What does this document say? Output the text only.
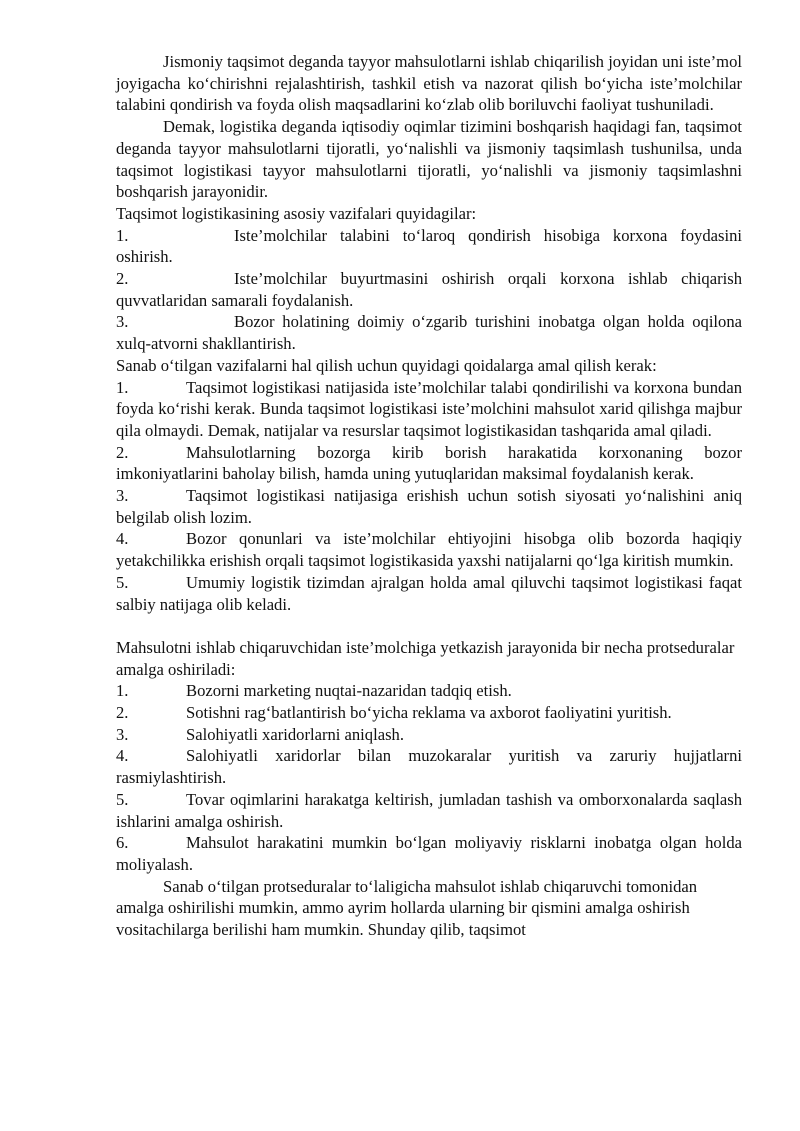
Jismoniy taqsimot deganda tayyor mahsulotlarni ishlab chiqarilish joyidan uni iste’mol joyigacha ko‘chirishni rejalashtirish, tashkil etish va nazorat qilish bo‘yicha iste’molchilar talabini qondirish va foyda olish maqsadlarini ko‘zlab olib boriluvchi faoliyat tushuniladi.

Demak, logistika deganda iqtisodiy oqimlar tizimini boshqarish haqidagi fan, taqsimot deganda tayyor mahsulotlarni tijoratli, yo‘nalishli va jismoniy taqsimlash tushunilsa, unda taqsimot logistikasi tayyor mahsulotlarni tijoratli, yo‘nalishli va jismoniy taqsimlashni boshqarish jarayonidir.

Taqsimot logistikasining asosiy vazifalari quyidagilar:

1.	Iste’molchilar talabini to‘laroq qondirish hisobiga korxona foydasini oshirish.

2.	Iste’molchilar buyurtmasini oshirish orqali korxona ishlab chiqarish quvvatlaridan samarali foydalanish.

3.	Bozor holatining doimiy o‘zgarib turishini inobatga olgan holda oqilona xulq-atvorni shakllantirish.

Sanab o‘tilgan vazifalarni hal qilish uchun quyidagi qoidalarga amal qilish kerak:

1.	Taqsimot logistikasi natijasida iste’molchilar talabi qondirilishi va korxona bundan foyda ko‘rishi kerak. Bunda taqsimot logistikasi iste’molchini mahsulot xarid qilishga majbur qila olmaydi. Demak, natijalar va resurslar taqsimot logistikasidan tashqarida amal qiladi.

2.	Mahsulotlarning bozorga kirib borish harakatida korxonaning bozor imkoniyatlarini baholay bilish, hamda uning yutuqlaridan maksimal foydalanish kerak.

3.	Taqsimot logistikasi natijasiga erishish uchun sotish siyosati yo‘nalishini aniq belgilab olish lozim.

4.	Bozor qonunlari va iste’molchilar ehtiyojini hisobga olib bozorda haqiqiy yetakchilikka erishish orqali taqsimot logistikasida yaxshi natijalarni qo‘lga kiritish mumkin.

5.	Umumiy logistik tizimdan ajralgan holda amal qiluvchi taqsimot logistikasi faqat salbiy natijaga olib keladi.

Mahsulotni ishlab chiqaruvchidan iste’molchiga yetkazish jarayonida bir necha protseduralar amalga oshiriladi:

1.	Bozorni marketing nuqtai-nazaridan tadqiq etish.

2.	Sotishni rag‘batlantirish bo‘yicha reklama va axborot faoliyatini yuritish.

3.	Salohiyatli xaridorlarni aniqlash.

4.	Salohiyatli xaridorlar bilan muzokaralar yuritish va zaruriy hujjatlarni rasmiylashtirish.

5.	Tovar oqimlarini harakatga keltirish, jumladan tashish va omborxonalarda saqlash ishlarini amalga oshirish.

6.	Mahsulot harakatini mumkin bo‘lgan moliyaviy risklarni inobatga olgan holda moliyalash.

Sanab o‘tilgan protseduralar to‘laligicha mahsulot ishlab chiqaruvchi tomonidan amalga oshirilishi mumkin, ammo ayrim hollarda ularning bir qismini amalga oshirish vositachilarga berilishi ham mumkin. Shunday qilib, taqsimot
